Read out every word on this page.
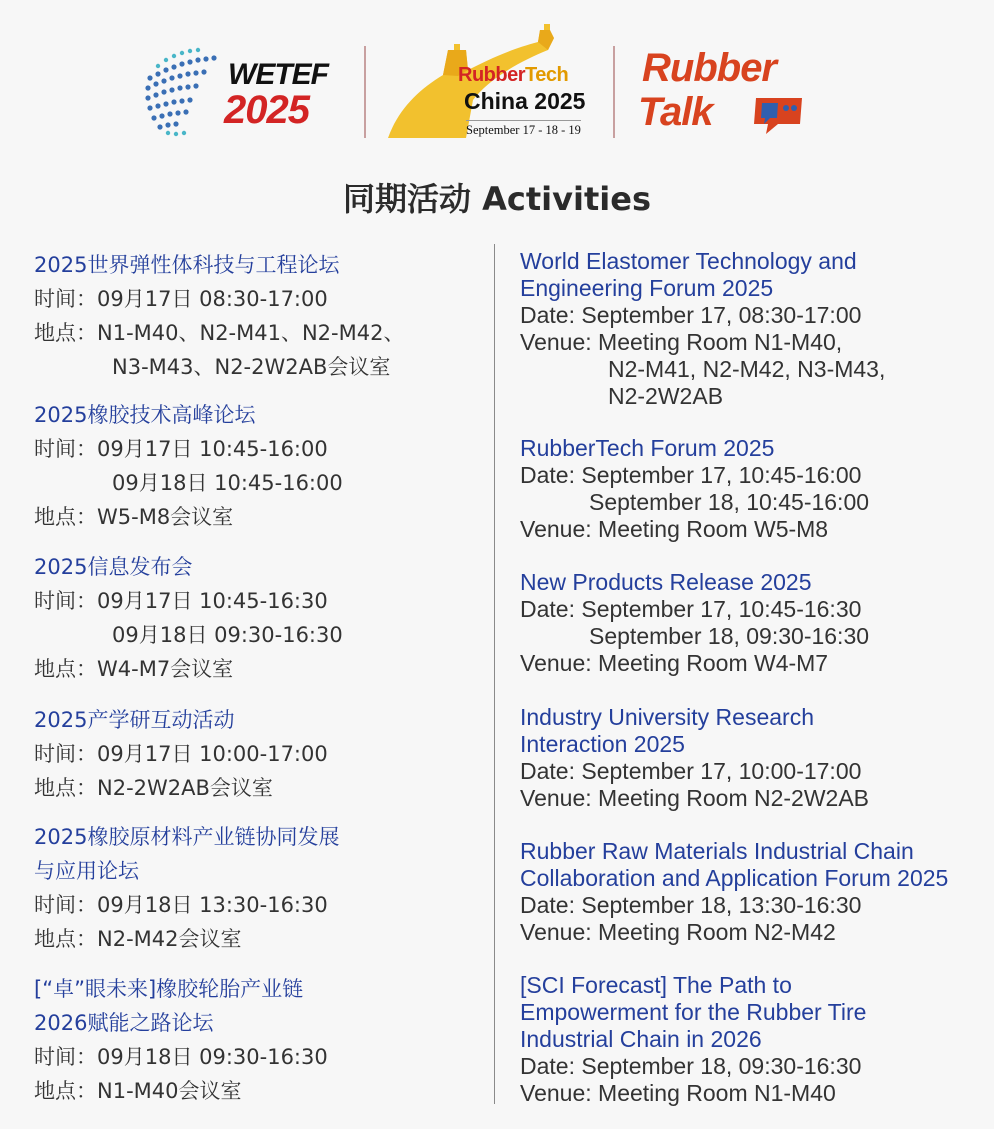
WETEF
2025
RubberTech
China 2025
September 17 - 18 - 19
Rubber
Talk
同期活动 Activities
2025世界弹性体科技与工程论坛
时间：09月17日 08:30-17:00
地点：N1-M40、N2-M41、N2-M42、
N3-M43、N2-2W2AB会议室
2025橡胶技术高峰论坛
时间：09月17日 10:45-16:00
09月18日 10:45-16:00
地点：W5-M8会议室
2025信息发布会
时间：09月17日 10:45-16:30
09月18日 09:30-16:30
地点：W4-M7会议室
2025产学研互动活动
时间：09月17日 10:00-17:00
地点：N2-2W2AB会议室
2025橡胶原材料产业链协同发展
与应用论坛
时间：09月18日 13:30-16:30
地点：N2-M42会议室
[“卓”眼未来]橡胶轮胎产业链
2026赋能之路论坛
时间：09月18日 09:30-16:30
地点：N1-M40会议室
World Elastomer Technology and
Engineering Forum 2025
Date: September 17, 08:30-17:00
Venue: Meeting Room N1-M40,
N2-M41, N2-M42, N3-M43,
N2-2W2AB
RubberTech Forum 2025
Date: September 17, 10:45-16:00
September 18, 10:45-16:00
Venue: Meeting Room W5-M8
New Products Release 2025
Date: September 17, 10:45-16:30
September 18, 09:30-16:30
Venue: Meeting Room W4-M7
Industry University Research
Interaction 2025
Date: September 17, 10:00-17:00
Venue: Meeting Room N2-2W2AB
Rubber Raw Materials Industrial Chain
Collaboration and Application Forum 2025
Date: September 18, 13:30-16:30
Venue: Meeting Room N2-M42
[SCI Forecast] The Path to
Empowerment for the Rubber Tire
Industrial Chain in 2026
Date: September 18, 09:30-16:30
Venue: Meeting Room N1-M40
